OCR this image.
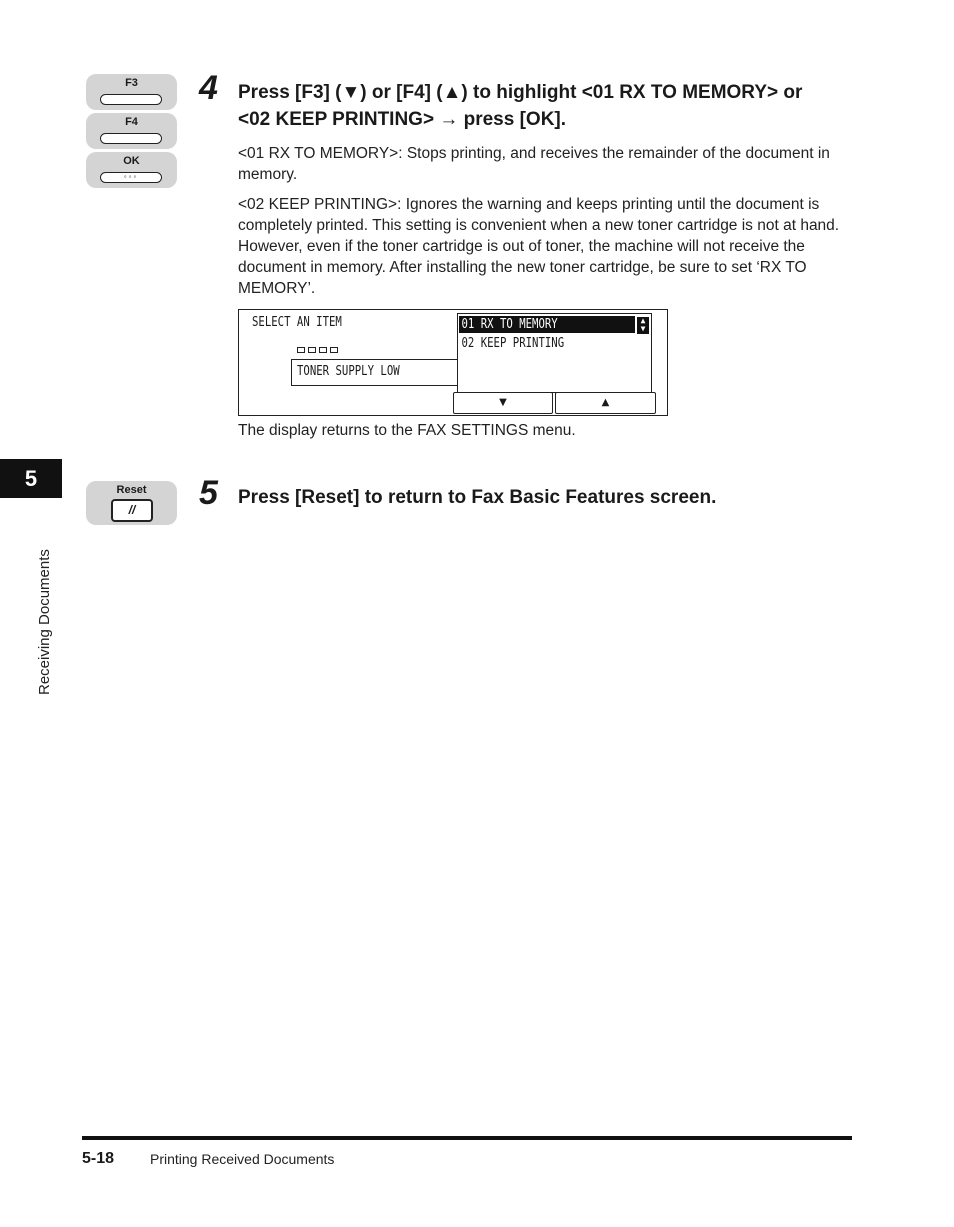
5
Receiving Documents
F3
F4
OK
◦◦◦
4 Press [F3] (▼) or [F4] (▲) to highlight <01 RX TO MEMORY> or
<02 KEEP PRINTING> → press [OK].
<01 RX TO MEMORY>: Stops printing, and receives the remainder of the document in memory.
<02 KEEP PRINTING>: Ignores the warning and keeps printing until the document is completely printed. This setting is convenient when a new toner cartridge is not at hand. However, even if the toner cartridge is out of toner, the machine will not receive the document in memory. After installing the new toner cartridge, be sure to set ‘RX TO MEMORY’.
SELECT AN ITEM
TONER SUPPLY LOW
01 RX TO MEMORY
02 KEEP PRINTING
▲
▼
▼	▲
The display returns to the FAX SETTINGS menu.
Reset
//	5 Press [Reset] to return to Fax Basic Features screen.
5-18	Printing Received Documents
